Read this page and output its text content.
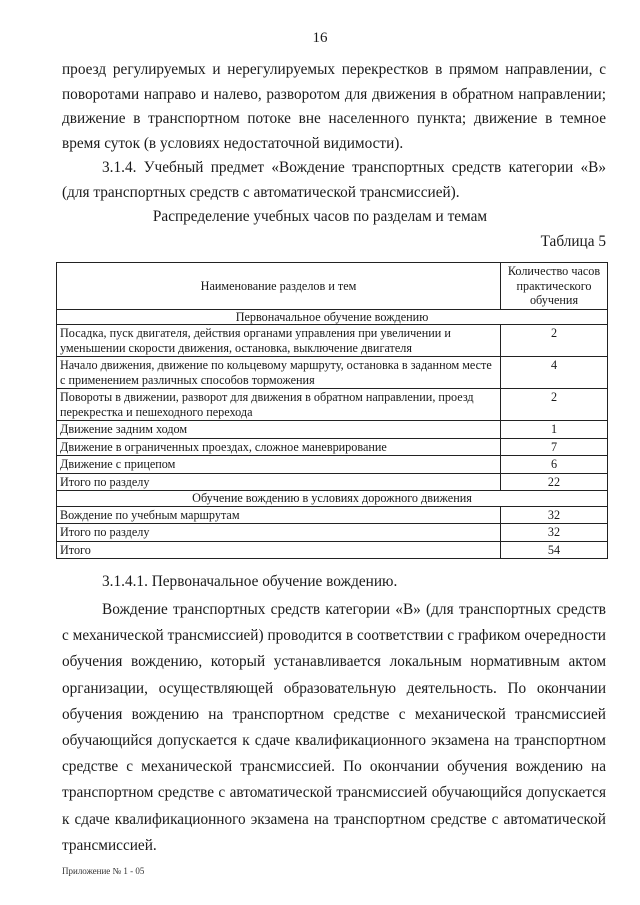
16

проезд регулируемых и нерегулируемых перекрестков в прямом направлении, с поворотами направо и налево, разворотом для движения в обратном направлении; движение в транспортном потоке вне населенного пункта; движение в темное время суток (в условиях недостаточной видимости).

3.1.4. Учебный предмет «Вождение транспортных средств категории «В» (для транспортных средств с автоматической трансмиссией).

Распределение учебных часов по разделам и темам
Таблица 5
Наименование разделов и тем	Количество часов практического обучения
Первоначальное обучение вождению	
Посадка, пуск двигателя, действия органами управления при увеличении и уменьшении скорости движения, остановка, выключение двигателя	2
Начало движения, движение по кольцевому маршруту, остановка в заданном месте с применением различных способов торможения	4
Повороты в движении, разворот для движения в обратном направлении, проезд перекрестка и пешеходного перехода	2
Движение задним ходом	1
Движение в ограниченных проездах, сложное маневрирование	7
Движение с прицепом	6
Итого по разделу	22
Обучение вождению в условиях дорожного движения	
Вождение по учебным маршрутам	32
Итого по разделу	32
Итого	54

3.1.4.1. Первоначальное обучение вождению.

Вождение транспортных средств категории «В» (для транспортных средств с механической трансмиссией) проводится в соответствии с графиком очередности обучения вождению, который устанавливается локальным нормативным актом организации, осуществляющей образовательную деятельность. По окончании обучения вождению на транспортном средстве с механической трансмиссией обучающийся допускается к сдаче квалификационного экзамена на транспортном средстве с механической трансмиссией. По окончании обучения вождению на транспортном средстве с автоматической трансмиссией обучающийся допускается к сдаче квалификационного экзамена на транспортном средстве с автоматической трансмиссией.

Приложение № 1 - 05
